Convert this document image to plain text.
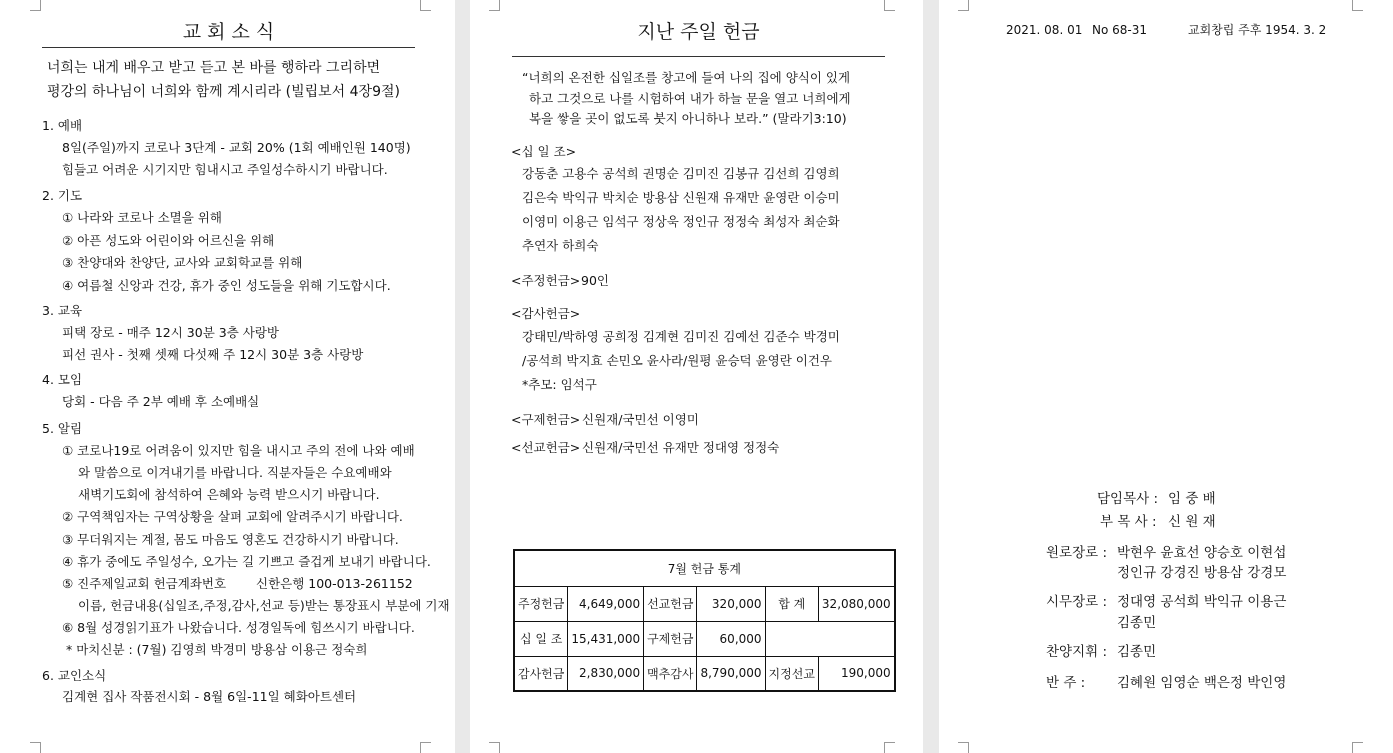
교 회 소 식
너희는 내게 배우고 받고 듣고 본 바를 행하라 그리하면
평강의 하나님이 너희와 함께 계시리라 (빌립보서 4장9절)
1. 예배
8일(주일)까지 코로나 3단계 - 교회 20% (1회 예배인원 140명)
힘들고 어려운 시기지만 힘내시고 주일성수하시기 바랍니다.
2. 기도
① 나라와 코로나 소멸을 위해
② 아픈 성도와 어린이와 어르신을 위해
③ 찬양대와 찬양단, 교사와 교회학교를 위해
④ 여름철 신앙과 건강, 휴가 중인 성도들을 위해 기도합시다.
3. 교육
피택 장로 - 매주 12시 30분 3층 사랑방
피선 권사 - 첫째 셋째 다섯째 주 12시 30분 3층 사랑방
4. 모임
당회 - 다음 주 2부 예배 후 소예배실
5. 알림
① 코로나19로 어려움이 있지만 힘을 내시고 주의 전에 나와 예배
와 말씀으로 이겨내기를 바랍니다. 직분자들은 수요예배와
새벽기도회에 참석하여 은혜와 능력 받으시기 바랍니다.
② 구역책임자는 구역상황을 살펴 교회에 알려주시기 바랍니다.
③ 무더워지는 계절, 몸도 마음도 영혼도 건강하시기 바랍니다.
④ 휴가 중에도 주일성수, 오가는 길 기쁘고 즐겁게 보내기 바랍니다.
⑤ 진주제일교회 헌금계좌번호 신한은행 100-013-261152
이름, 헌금내용(십일조,주정,감사,선교 등)받는 통장표시 부분에 기재
⑥ 8월 성경읽기표가 나왔습니다. 성경일독에 힘쓰시기 바랍니다.
* 마치신분 : (7월) 김영희 박경미 방용삼 이용근 정숙희
6. 교인소식
김계현 집사 작품전시회 - 8월 6일-11일 혜화아트센터
지난 주일 헌금
“너희의 온전한 십일조를 창고에 들여 나의 집에 양식이 있게
하고 그것으로 나를 시험하여 내가 하늘 문을 열고 너희에게
복을 쌓을 곳이 없도록 붓지 아니하나 보라.” (말라기3:10)
<십 일 조>
강동춘 고용수 공석희 권명순 김미진 김봉규 김선희 김영희
김은숙 박익규 박치순 방용삼 신원재 유재만 윤영란 이승미
이영미 이용근 임석구 정상욱 정인규 정정숙 최성자 최순화
추연자 하희숙
<주정헌금> 90인
<감사헌금>
강태민/박하영 공희정 김계현 김미진 김예선 김준수 박경미
/공석희 박지효 손민오 윤사라/원평 윤승덕 윤영란 이건우
*추모: 임석구
<구제헌금> 신원재/국민선 이영미
<선교헌금> 신원재/국민선 유재만 정대영 정정숙
7월 헌금 통계					
주정헌금	4,649,000	선교헌금	320,000	합 계	32,080,000
십 일 조	15,431,000	구제헌금	60,000		
감사헌금	2,830,000	맥추감사	8,790,000	지정선교	190,000
2021. 08. 01 No 68-31	교회창립 주후 1954. 3. 2
담임목사 : 임 중 배
부 목 사 : 신 원 재
원로장로 : 박현우 윤효선 양승호 이현섭
정인규 강경진 방용삼 강경모
시무장로 : 정대영 공석희 박익규 이용근
김종민
찬양지휘 : 김종민
반 주 : 김혜원 임영순 백은정 박인영
